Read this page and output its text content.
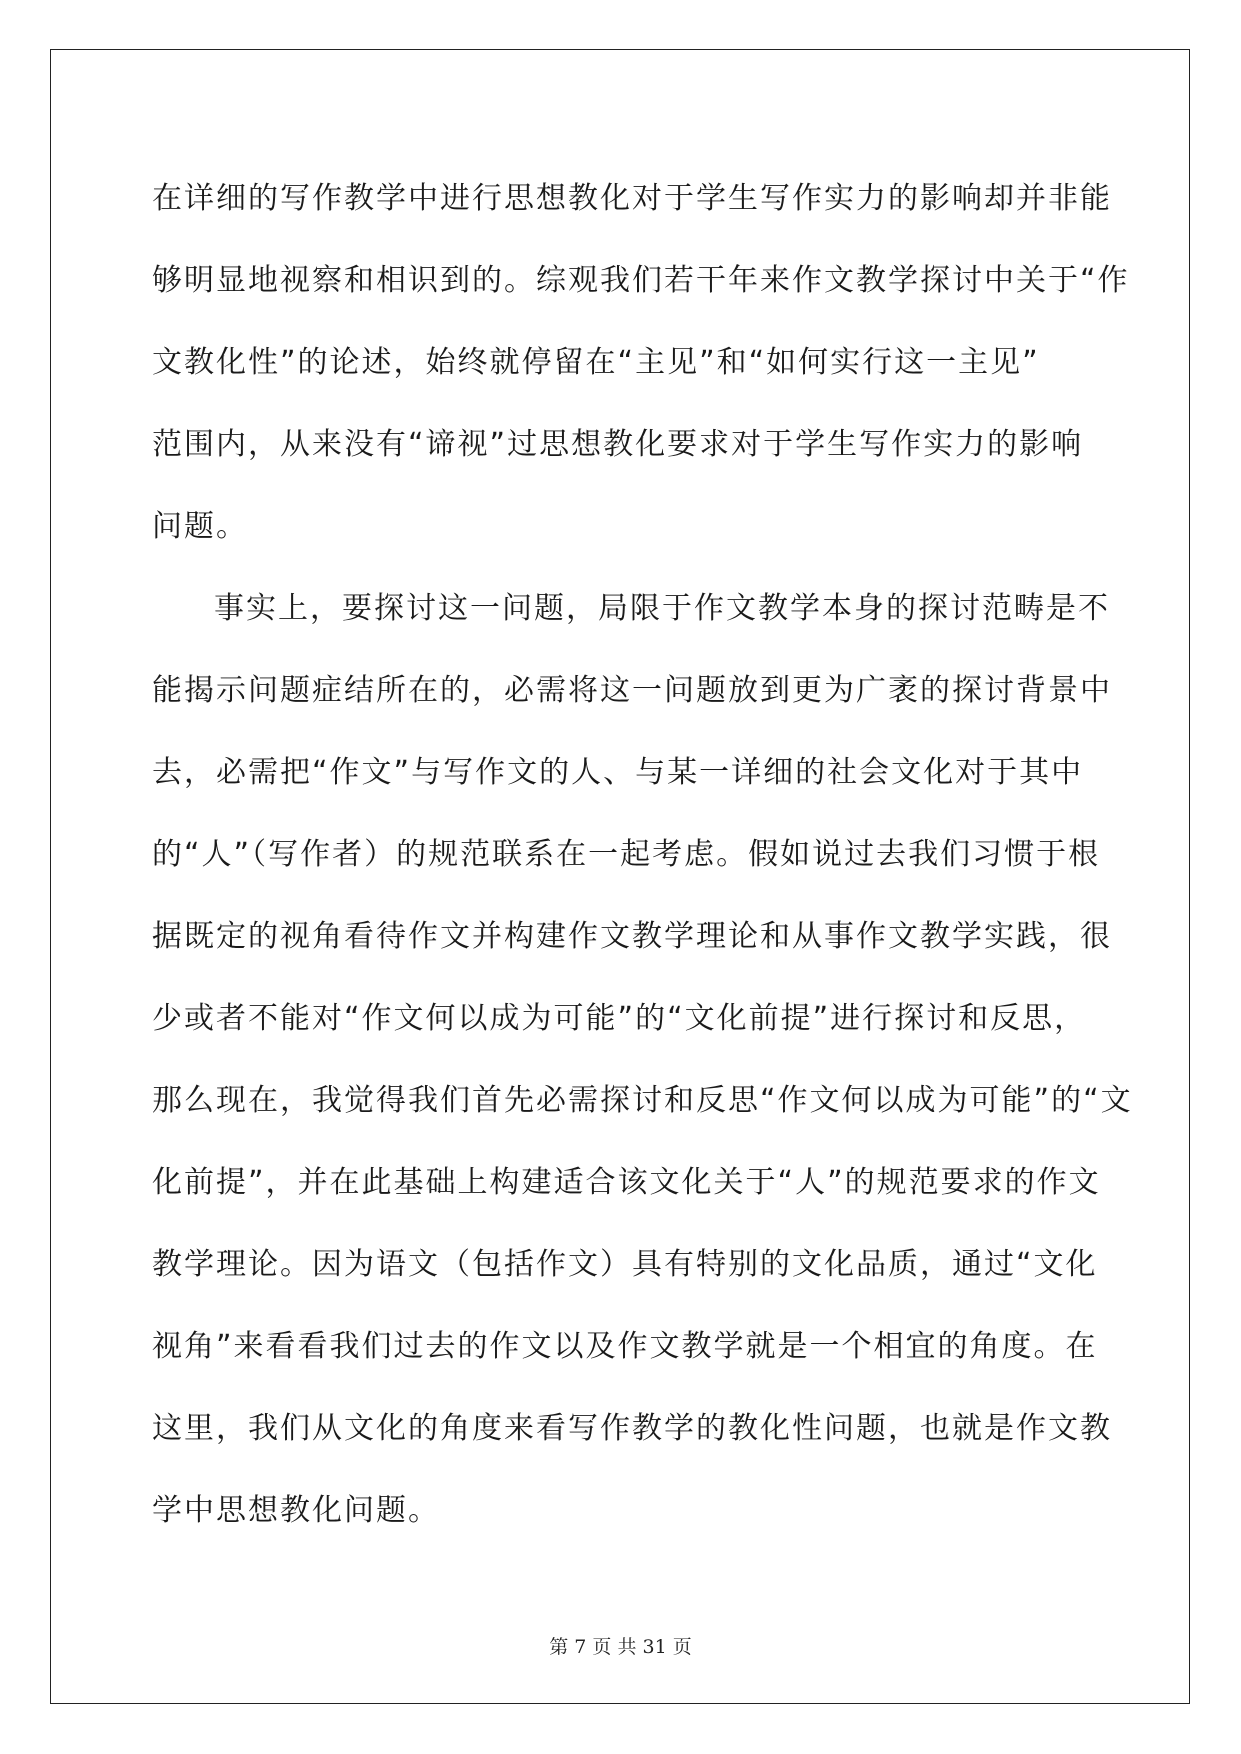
在详细的写作教学中进行思想教化对于学生写作实力的影响却并非能
够明显地视察和相识到的。综观我们若干年来作文教学探讨中关于“作
文教化性”的论述，始终就停留在“主见”和“如何实行这一主见”
范围内，从来没有“谛视”过思想教化要求对于学生写作实力的影响
问题。
事实上，要探讨这一问题，局限于作文教学本身的探讨范畴是不
能揭示问题症结所在的，必需将这一问题放到更为广袤的探讨背景中
去，必需把“作文”与写作文的人、与某一详细的社会文化对于其中
的“人”（写作者）的规范联系在一起考虑。假如说过去我们习惯于根
据既定的视角看待作文并构建作文教学理论和从事作文教学实践，很
少或者不能对“作文何以成为可能”的“文化前提”进行探讨和反思，
那么现在，我觉得我们首先必需探讨和反思“作文何以成为可能”的“文
化前提”，并在此基础上构建适合该文化关于“人”的规范要求的作文
教学理论。因为语文（包括作文）具有特别的文化品质，通过“文化
视角”来看看我们过去的作文以及作文教学就是一个相宜的角度。在
这里，我们从文化的角度来看写作教学的教化性问题，也就是作文教
学中思想教化问题。
第 7 页 共 31 页
